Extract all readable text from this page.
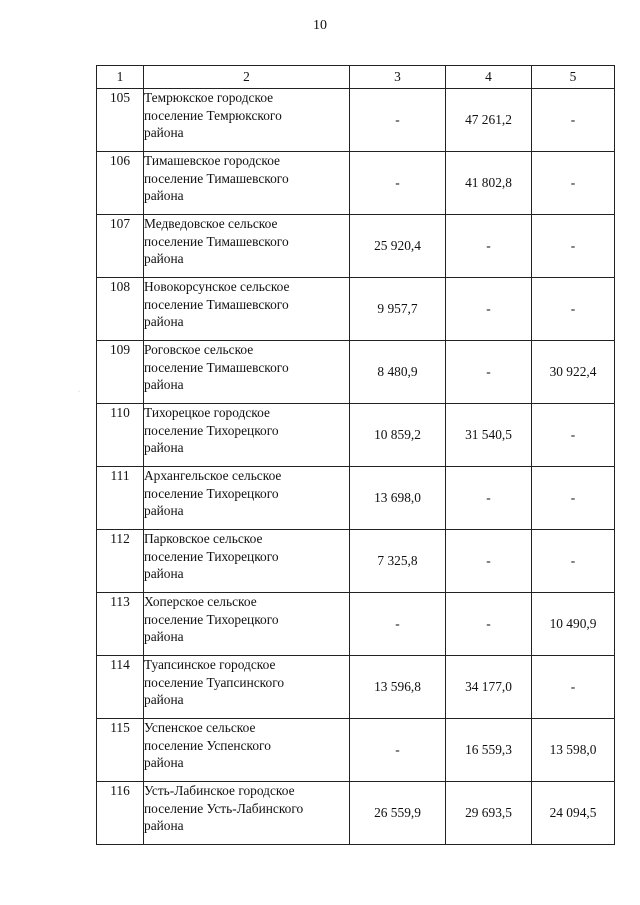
10
·
1	2	3	4	5
105	Темрюкское городское
поселение Темрюкского
района	-	47 261,2	-
106	Тимашевское городское
поселение Тимашевского
района	-	41 802,8	-
107	Медведовское сельское
поселение Тимашевского
района	25 920,4	-	-
108	Новокорсунское сельское
поселение Тимашевского
района	9 957,7	-	-
109	Роговское сельское
поселение Тимашевского
района	8 480,9	-	30 922,4
110	Тихорецкое городское
поселение Тихорецкого
района	10 859,2	31 540,5	-
111	Архангельское сельское
поселение Тихорецкого
района	13 698,0	-	-
112	Парковское сельское
поселение Тихорецкого
района	7 325,8	-	-
113	Хоперское сельское
поселение Тихорецкого
района	-	-	10 490,9
114	Туапсинское городское
поселение Туапсинского
района	13 596,8	34 177,0	-
115	Успенское сельское
поселение Успенского
района	-	16 559,3	13 598,0
116	Усть-Лабинское городское
поселение Усть-Лабинского
района	26 559,9	29 693,5	24 094,5
